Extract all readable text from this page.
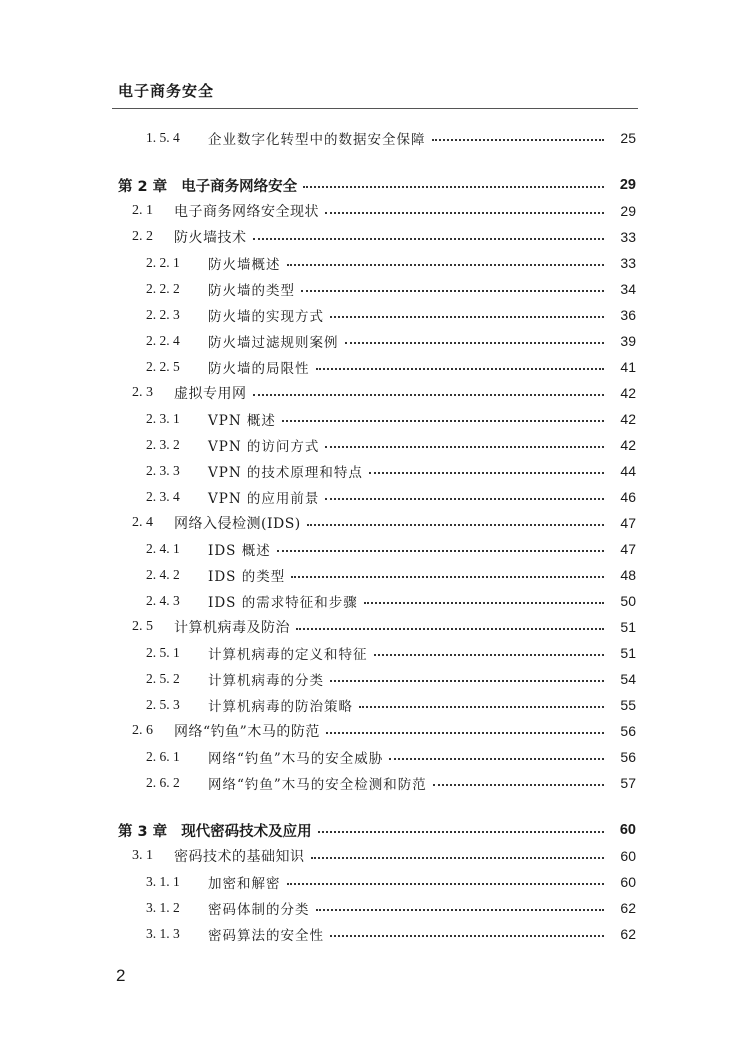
电子商务安全
1. 5. 4	企业数字化转型中的数据安全保障	25
第 2 章 电子商务网络安全	29
2. 1	电子商务网络安全现状	29
2. 2	防火墙技术	33
2. 2. 1	防火墙概述	33
2. 2. 2	防火墙的类型	34
2. 2. 3	防火墙的实现方式	36
2. 2. 4	防火墙过滤规则案例	39
2. 2. 5	防火墙的局限性	41
2. 3	虚拟专用网	42
2. 3. 1	VPN 概述	42
2. 3. 2	VPN 的访问方式	42
2. 3. 3	VPN 的技术原理和特点	44
2. 3. 4	VPN 的应用前景	46
2. 4	网络入侵检测(IDS)	47
2. 4. 1	IDS 概述	47
2. 4. 2	IDS 的类型	48
2. 4. 3	IDS 的需求特征和步骤	50
2. 5	计算机病毒及防治	51
2. 5. 1	计算机病毒的定义和特征	51
2. 5. 2	计算机病毒的分类	54
2. 5. 3	计算机病毒的防治策略	55
2. 6	网络“钓鱼”木马的防范	56
2. 6. 1	网络“钓鱼”木马的安全威胁	56
2. 6. 2	网络“钓鱼”木马的安全检测和防范	57
第 3 章 现代密码技术及应用	60
3. 1	密码技术的基础知识	60
3. 1. 1	加密和解密	60
3. 1. 2	密码体制的分类	62
3. 1. 3	密码算法的安全性	62
2
